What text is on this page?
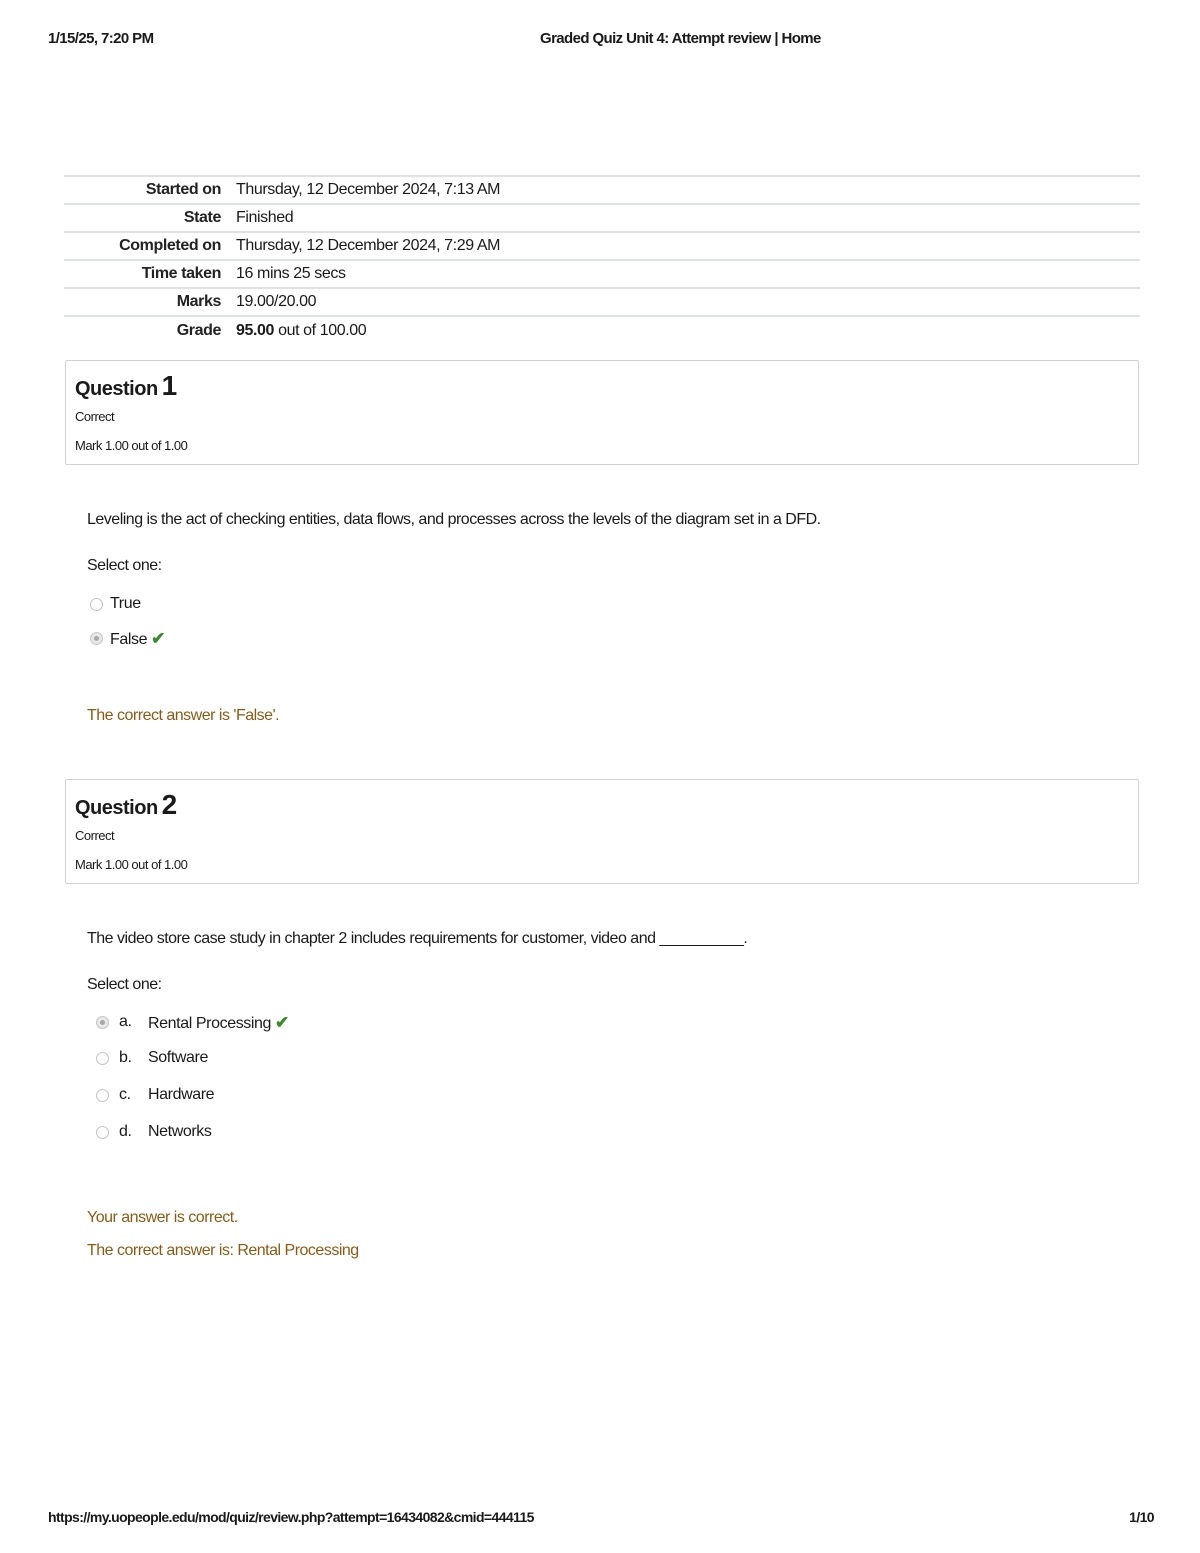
1/15/25, 7:20 PM	Graded Quiz Unit 4: Attempt review | Home
Started on	Thursday, 12 December 2024, 7:13 AM
State	Finished
Completed on	Thursday, 12 December 2024, 7:29 AM
Time taken	16 mins 25 secs
Marks	19.00/20.00
Grade	95.00 out of 100.00
Question 1
Correct
Mark 1.00 out of 1.00
Leveling is the act of checking entities, data flows, and processes across the levels of the diagram set in a DFD.
Select one:
True
False ✔
The correct answer is 'False'.
Question 2
Correct
Mark 1.00 out of 1.00
The video store case study in chapter 2 includes requirements for customer, video and __________.
Select one:
a. Rental Processing ✔
b. Software
c. Hardware
d. Networks
Your answer is correct.
The correct answer is: Rental Processing
https://my.uopeople.edu/mod/quiz/review.php?attempt=16434082&cmid=444115	1/10
